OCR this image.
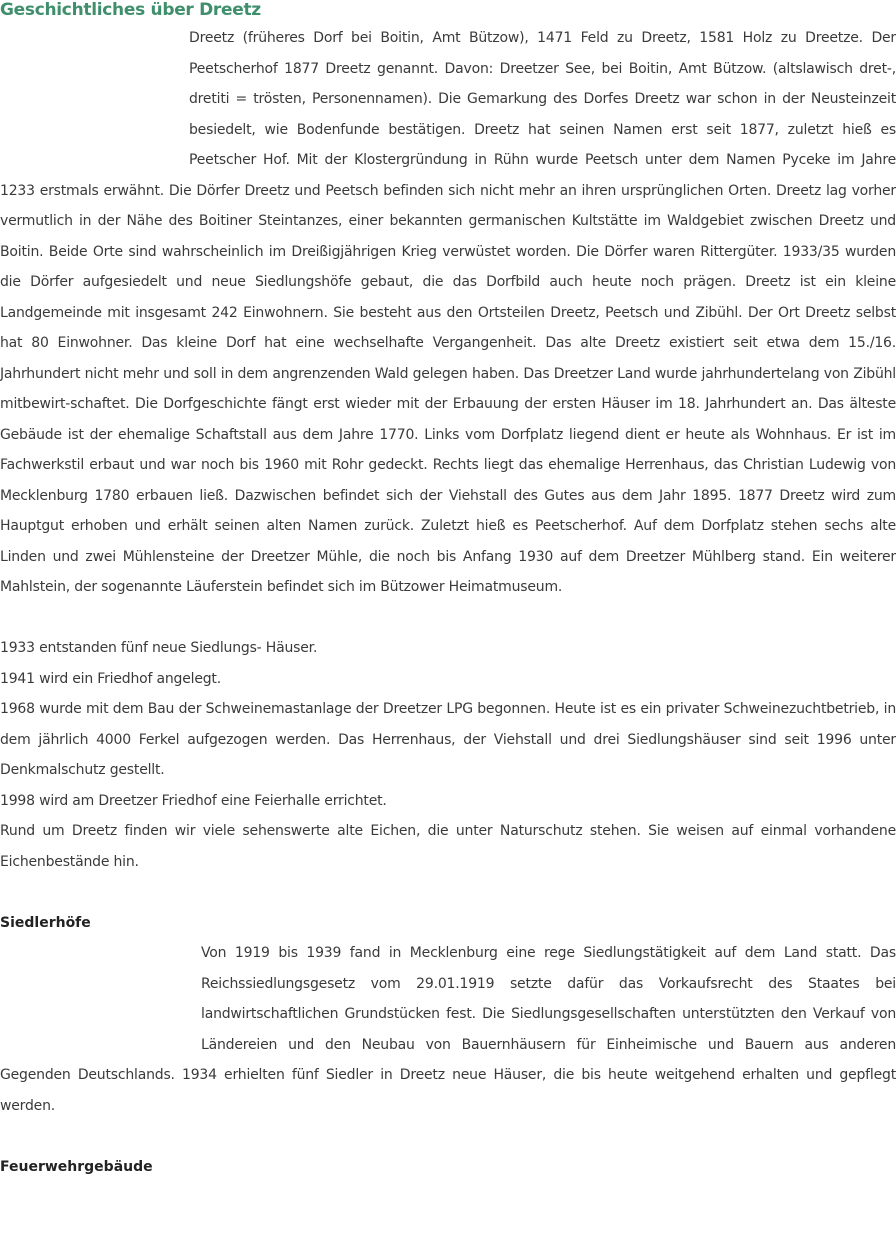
Geschichtliches über Dreetz

Dreetz (früheres Dorf bei Boitin, Amt Bützow), 1471 Feld zu Dreetz, 1581 Holz zu Dreetze. Der Peetscherhof 1877 Dreetz genannt. Davon: Dreetzer See, bei Boitin, Amt Bützow. (altslawisch dret-, dretiti = trösten, Personennamen). Die Gemarkung des Dorfes Dreetz war schon in der Neusteinzeit besiedelt, wie Bodenfunde bestätigen. Dreetz hat seinen Namen erst seit 1877, zuletzt hieß es Peetscher Hof. Mit der Klostergründung in Rühn wurde Peetsch unter dem Namen Pyceke im Jahre 1233 erstmals erwähnt. Die Dörfer Dreetz und Peetsch befinden sich nicht mehr an ihren ursprünglichen Orten. Dreetz lag vorher vermutlich in der Nähe des Boitiner Steintanzes, einer bekannten germanischen Kultstätte im Waldgebiet zwischen Dreetz und Boitin. Beide Orte sind wahrscheinlich im Dreißigjährigen Krieg verwüstet worden. Die Dörfer waren Rittergüter. 1933/35 wurden die Dörfer aufgesiedelt und neue Siedlungshöfe gebaut, die das Dorfbild auch heute noch prägen. Dreetz ist ein kleine Landgemeinde mit insgesamt 242 Einwohnern. Sie besteht aus den Ortsteilen Dreetz, Peetsch und Zibühl. Der Ort Dreetz selbst hat 80 Einwohner. Das kleine Dorf hat eine wechselhafte Vergangenheit. Das alte Dreetz existiert seit etwa dem 15./16. Jahrhundert nicht mehr und soll in dem angrenzenden Wald gelegen haben. Das Dreetzer Land wurde jahrhundertelang von Zibühl mitbewirt-schaftet. Die Dorfgeschichte fängt erst wieder mit der Erbauung der ersten Häuser im 18. Jahrhundert an. Das älteste Gebäude ist der ehemalige Schaftstall aus dem Jahre 1770. Links vom Dorfplatz liegend dient er heute als Wohnhaus. Er ist im Fachwerkstil erbaut und war noch bis 1960 mit Rohr gedeckt. Rechts liegt das ehemalige Herrenhaus, das Christian Ludewig von Mecklenburg 1780 erbauen ließ. Dazwischen befindet sich der Viehstall des Gutes aus dem Jahr 1895. 1877 Dreetz wird zum Hauptgut erhoben und erhält seinen alten Namen zurück. Zuletzt hieß es Peetscherhof. Auf dem Dorfplatz stehen sechs alte Linden und zwei Mühlensteine der Dreetzer Mühle, die noch bis Anfang 1930 auf dem Dreetzer Mühlberg stand. Ein weiterer Mahlstein, der sogenannte Läuferstein befindet sich im Bützower Heimatmuseum.

1933 entstanden fünf neue Siedlungs- Häuser.

1941 wird ein Friedhof angelegt.

1968 wurde mit dem Bau der Schweinemastanlage der Dreetzer LPG begonnen. Heute ist es ein privater Schweinezuchtbetrieb, in dem jährlich 4000 Ferkel aufgezogen werden. Das Herrenhaus, der Viehstall und drei Siedlungshäuser sind seit 1996 unter Denkmalschutz gestellt.

1998 wird am Dreetzer Friedhof eine Feierhalle errichtet.

Rund um Dreetz finden wir viele sehenswerte alte Eichen, die unter Naturschutz stehen. Sie weisen auf einmal vorhandene Eichenbestände hin.

Siedlerhöfe

Von 1919 bis 1939 fand in Mecklenburg eine rege Siedlungstätigkeit auf dem Land statt. Das Reichssiedlungsgesetz vom 29.01.1919 setzte dafür das Vorkaufsrecht des Staates bei landwirtschaftlichen Grundstücken fest. Die Siedlungsgesellschaften unterstützten den Verkauf von Ländereien und den Neubau von Bauernhäusern für Einheimische und Bauern aus anderen Gegenden Deutschlands. 1934 erhielten fünf Siedler in Dreetz neue Häuser, die bis heute weitgehend erhalten und gepflegt werden.

Feuerwehrgebäude
